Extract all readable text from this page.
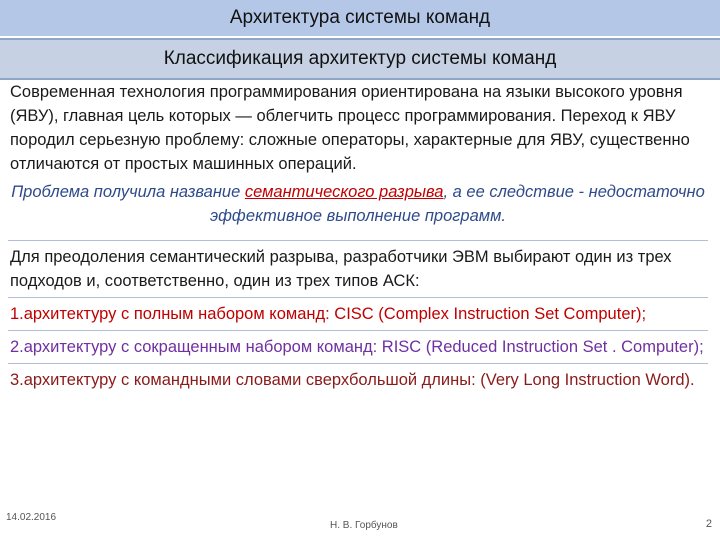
Архитектура системы команд
Классификация архитектур системы команд

Современная технология программирования ориентирована на языки высокого уровня (ЯВУ), главная цель которых — облегчить процесс программирования. Переход к ЯВУ породил серьезную проблему: сложные операторы, характерные для ЯВУ, существенно отличаются от простых машинных операций.

Проблема получила название семантического разрыва, а ее следствие - недостаточно эффективное выполнение программ.

Для преодоления семантический разрыва, разработчики ЭВМ выбирают один из трех подходов и, соответственно, один из трех типов АСК:

1.архитектуру с полным набором команд: CISC (Complex Instruction Set Computer);

2.архитектуру с сокращенным набором команд: RISC (Reduced Instruction Set . Computer);

3.архитектуру с командными словами сверхбольшой длины: (Very Long Instruction Word).

14.02.2016
Н. В. Горбунов	2
